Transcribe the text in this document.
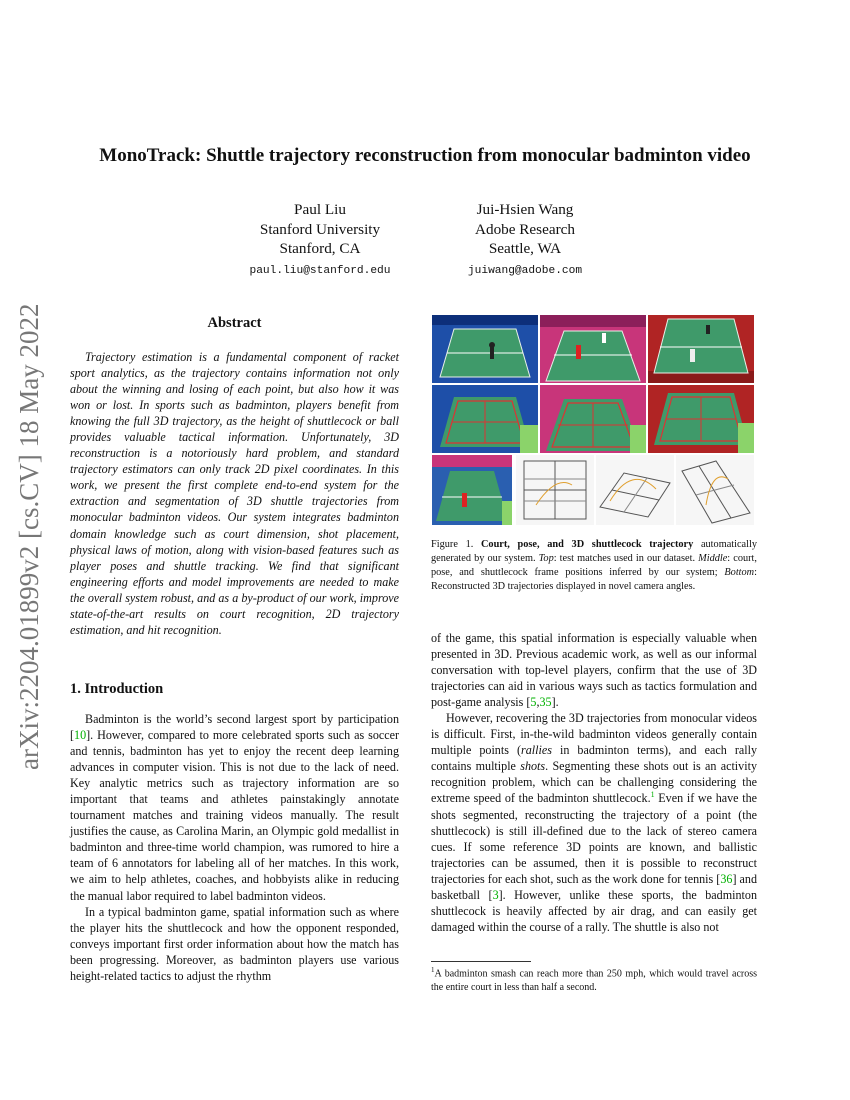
arXiv:2204.01899v2 [cs.CV] 18 May 2022
MonoTrack: Shuttle trajectory reconstruction from monocular badminton video
Paul Liu
Stanford University
Stanford, CA
paul.liu@stanford.edu
Jui-Hsien Wang
Adobe Research
Seattle, WA
juiwang@adobe.com
Abstract

Trajectory estimation is a fundamental component of racket sport analytics, as the trajectory contains information not only about the winning and losing of each point, but also how it was won or lost. In sports such as badminton, players benefit from knowing the full 3D trajectory, as the height of shuttlecock or ball provides valuable tactical information. Unfortunately, 3D reconstruction is a notoriously hard problem, and standard trajectory estimators can only track 2D pixel coordinates. In this work, we present the first complete end-to-end system for the extraction and segmentation of 3D shuttle trajectories from monocular badminton videos. Our system integrates badminton domain knowledge such as court dimension, shot placement, physical laws of motion, along with vision-based features such as player poses and shuttle tracking. We find that significant engineering efforts and model improvements are needed to make the overall system robust, and as a by-product of our work, improve state-of-the-art results on court recognition, 2D trajectory estimation, and hit recognition.

1. Introduction

Badminton is the world’s second largest sport by participation [10]. However, compared to more celebrated sports such as soccer and tennis, badminton has yet to enjoy the recent deep learning advances in computer vision. This is not due to the lack of need. Key analytic metrics such as trajectory information are so important that teams and athletes painstakingly annotate tournament matches and training videos manually. The result justifies the cause, as Carolina Marin, an Olympic gold medallist in badminton and three-time world champion, was rumored to hire a team of 6 annotators for labeling all of her matches. In this work, we aim to help athletes, coaches, and hobbyists alike in reducing the manual labor required to label badminton videos.

In a typical badminton game, spatial information such as where the player hits the shuttlecock and how the opponent responded, conveys important first order information about how the match has been progressing. Moreover, as badminton players use various height-related tactics to adjust the rhythm

Figure 1. Court, pose, and 3D shuttlecock trajectory automatically generated by our system. Top: test matches used in our dataset. Middle: court, pose, and shuttlecock frame positions inferred by our system; Bottom: Reconstructed 3D trajectories displayed in novel camera angles.

of the game, this spatial information is especially valuable when presented in 3D. Previous academic work, as well as our informal conversation with top-level players, confirm that the use of 3D trajectories can aid in various ways such as tactics formulation and post-game analysis [5,35].

However, recovering the 3D trajectories from monocular videos is difficult. First, in-the-wild badminton videos generally contain multiple points (rallies in badminton terms), and each rally contains multiple shots. Segmenting these shots out is an activity recognition problem, which can be challenging considering the extreme speed of the badminton shuttlecock.$^1$ Even if we have the shots segmented, reconstructing the trajectory of a point (the shuttlecock) is still ill-defined due to the lack of stereo camera cues. If some reference 3D points are known, and ballistic trajectories can be assumed, then it is possible to reconstruct trajectories for each shot, such as the work done for tennis [36] and basketball [3]. However, unlike these sports, the badminton shuttlecock is heavily affected by air drag, and can easily get damaged within the course of a rally. The shuttle is also not

$^1$A badminton smash can reach more than 250 mph, which would travel across the entire court in less than half a second.
